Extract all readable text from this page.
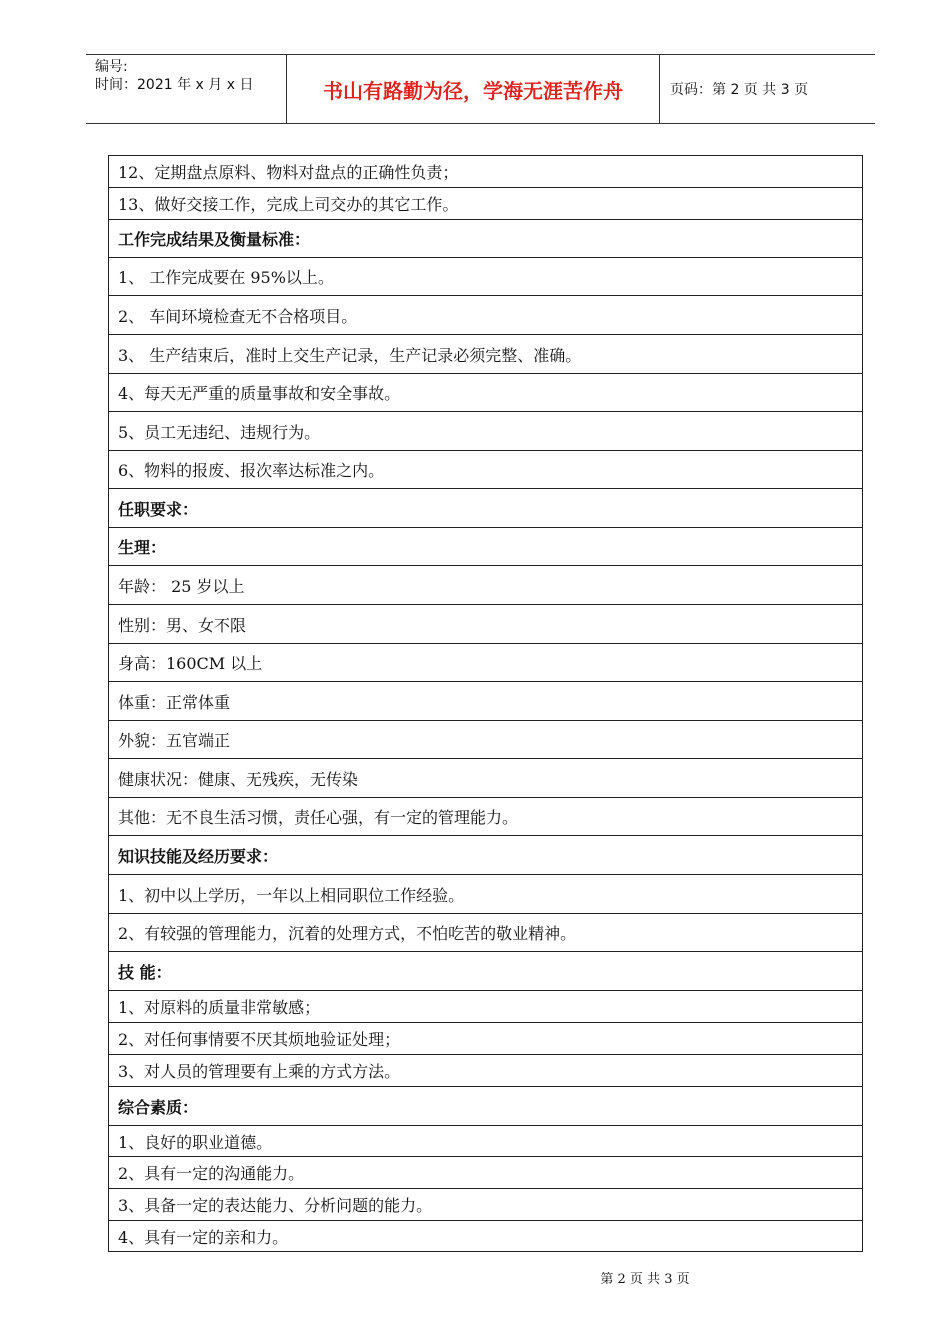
编号:
时间：2021 年 x 月 x 日	书山有路勤为径，学海无涯苦作舟	页码：第 2 页 共 3 页
12、定期盘点原料、物料对盘点的正确性负责；
13、做好交接工作，完成上司交办的其它工作。
工作完成结果及衡量标准：
1、 工作完成要在 95%以上。
2、 车间环境检查无不合格项目。
3、 生产结束后，准时上交生产记录，生产记录必须完整、准确。
4、每天无严重的质量事故和安全事故。
5、员工无违纪、违规行为。
6、物料的报废、报次率达标准之内。
任职要求：
生理：
年龄： 25 岁以上
性别：男、女不限
身高：160CM 以上
体重：正常体重
外貌：五官端正
健康状况：健康、无残疾，无传染
其他：无不良生活习惯，责任心强，有一定的管理能力。
知识技能及经历要求：
1、初中以上学历，一年以上相同职位工作经验。
2、有较强的管理能力，沉着的处理方式，不怕吃苦的敬业精神。
技 能：
1、对原料的质量非常敏感；
2、对任何事情要不厌其烦地验证处理；
3、对人员的管理要有上乘的方式方法。
综合素质：
1、良好的职业道德。
2、具有一定的沟通能力。
3、具备一定的表达能力、分析问题的能力。
4、具有一定的亲和力。
第 2 页 共 3 页
